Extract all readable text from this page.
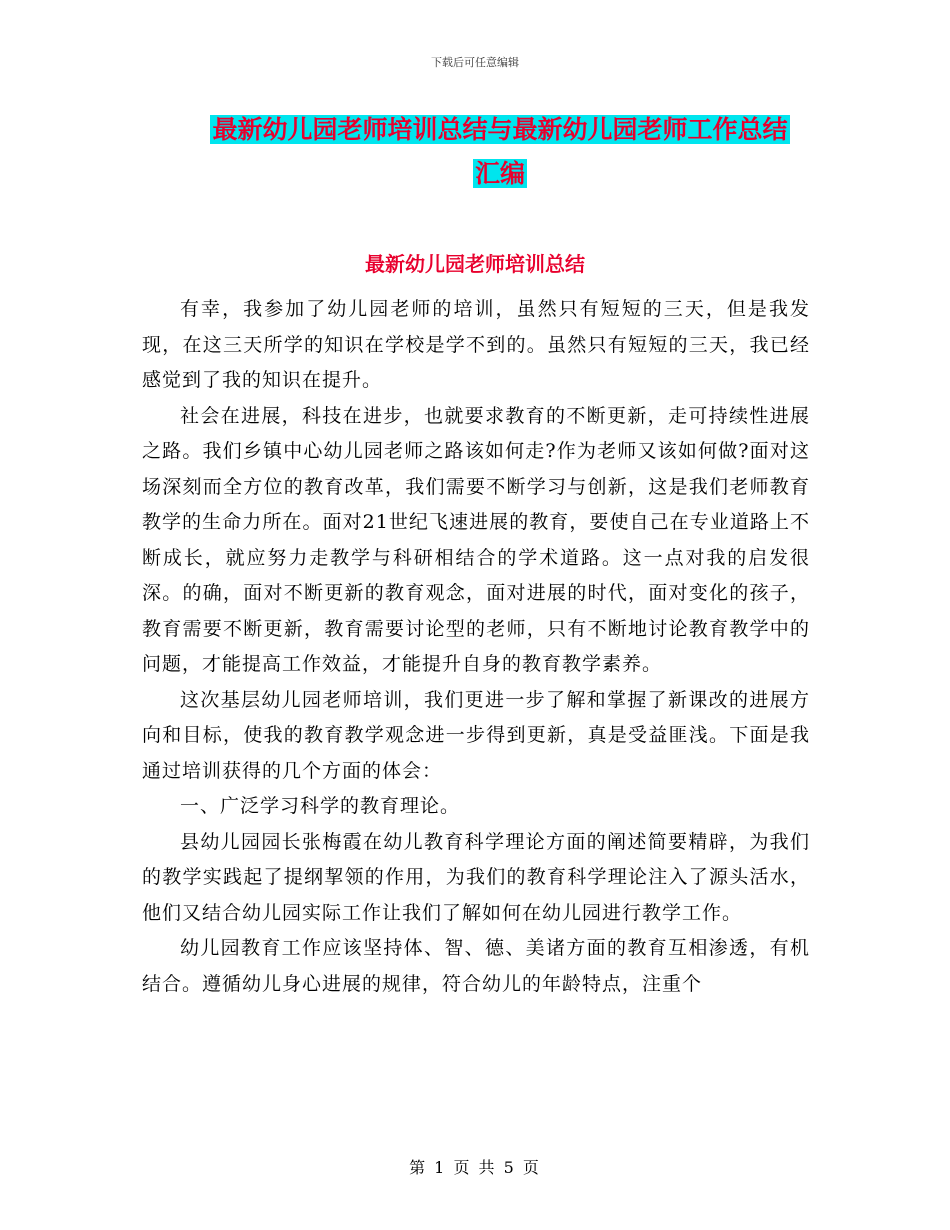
下载后可任意编辑
最新幼儿园老师培训总结与最新幼儿园老师工作总结
汇编
最新幼儿园老师培训总结

有幸，我参加了幼儿园老师的培训，虽然只有短短的三天，但是我发现，在这三天所学的知识在学校是学不到的。虽然只有短短的三天，我已经感觉到了我的知识在提升。

社会在进展，科技在进步，也就要求教育的不断更新，走可持续性进展之路。我们乡镇中心幼儿园老师之路该如何走?作为老师又该如何做?面对这场深刻而全方位的教育改革，我们需要不断学习与创新，这是我们老师教育教学的生命力所在。面对21世纪飞速进展的教育，要使自己在专业道路上不断成长，就应努力走教学与科研相结合的学术道路。这一点对我的启发很深。的确，面对不断更新的教育观念，面对进展的时代，面对变化的孩子，教育需要不断更新，教育需要讨论型的老师，只有不断地讨论教育教学中的问题，才能提高工作效益，才能提升自身的教育教学素养。

这次基层幼儿园老师培训，我们更进一步了解和掌握了新课改的进展方向和目标，使我的教育教学观念进一步得到更新，真是受益匪浅。下面是我通过培训获得的几个方面的体会：

一、广泛学习科学的教育理论。

县幼儿园园长张梅霞在幼儿教育科学理论方面的阐述简要精辟，为我们的教学实践起了提纲挈领的作用，为我们的教育科学理论注入了源头活水，他们又结合幼儿园实际工作让我们了解如何在幼儿园进行教学工作。

幼儿园教育工作应该坚持体、智、德、美诸方面的教育互相渗透，有机结合。遵循幼儿身心进展的规律，符合幼儿的年龄特点，注重个

第 1 页 共 5 页
